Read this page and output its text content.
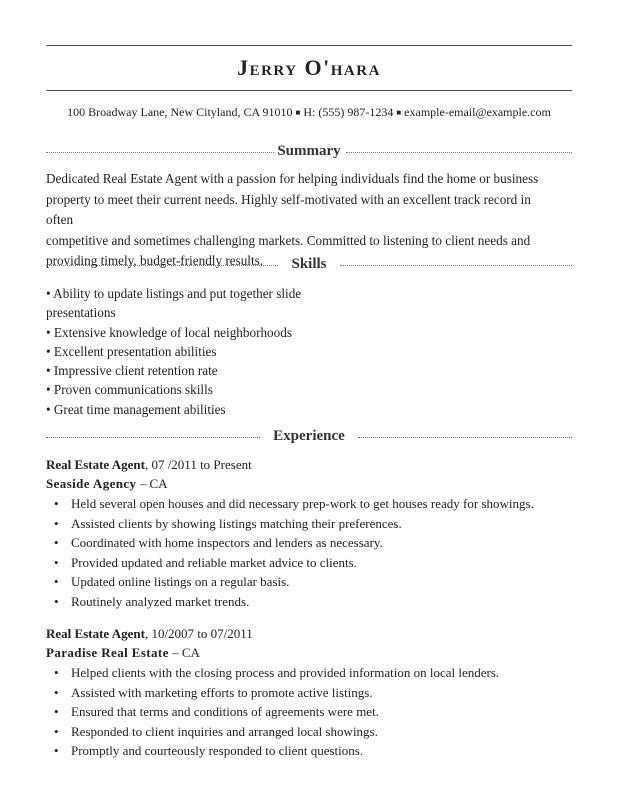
Jerry O'hara
100 Broadway Lane, New Cityland, CA 91010 ■ H: (555) 987-1234 ■ example-email@example.com
Summary
Dedicated Real Estate Agent with a passion for helping individuals find the home or business
property to meet their current needs. Highly self-motivated with an excellent track record in often
competitive and sometimes challenging markets. Committed to listening to client needs and
providing timely, budget-friendly results.	Skills
• Ability to update listings and put together slide
presentations
• Extensive knowledge of local neighborhoods
• Excellent presentation abilities
• Impressive client retention rate
• Proven communications skills
• Great time management abilities
Experience
Real Estate Agent, 07 /2011 to Present
Seaside Agency – CA
• Held several open houses and did necessary prep-work to get houses ready for showings.
• Assisted clients by showing listings matching their preferences.
• Coordinated with home inspectors and lenders as necessary.
• Provided updated and reliable market advice to clients.
• Updated online listings on a regular basis.
• Routinely analyzed market trends.
Real Estate Agent, 10/2007 to 07/2011
Paradise Real Estate – CA
• Helped clients with the closing process and provided information on local lenders.
• Assisted with marketing efforts to promote active listings.
• Ensured that terms and conditions of agreements were met.
• Responded to client inquiries and arranged local showings.
• Promptly and courteously responded to client questions.
